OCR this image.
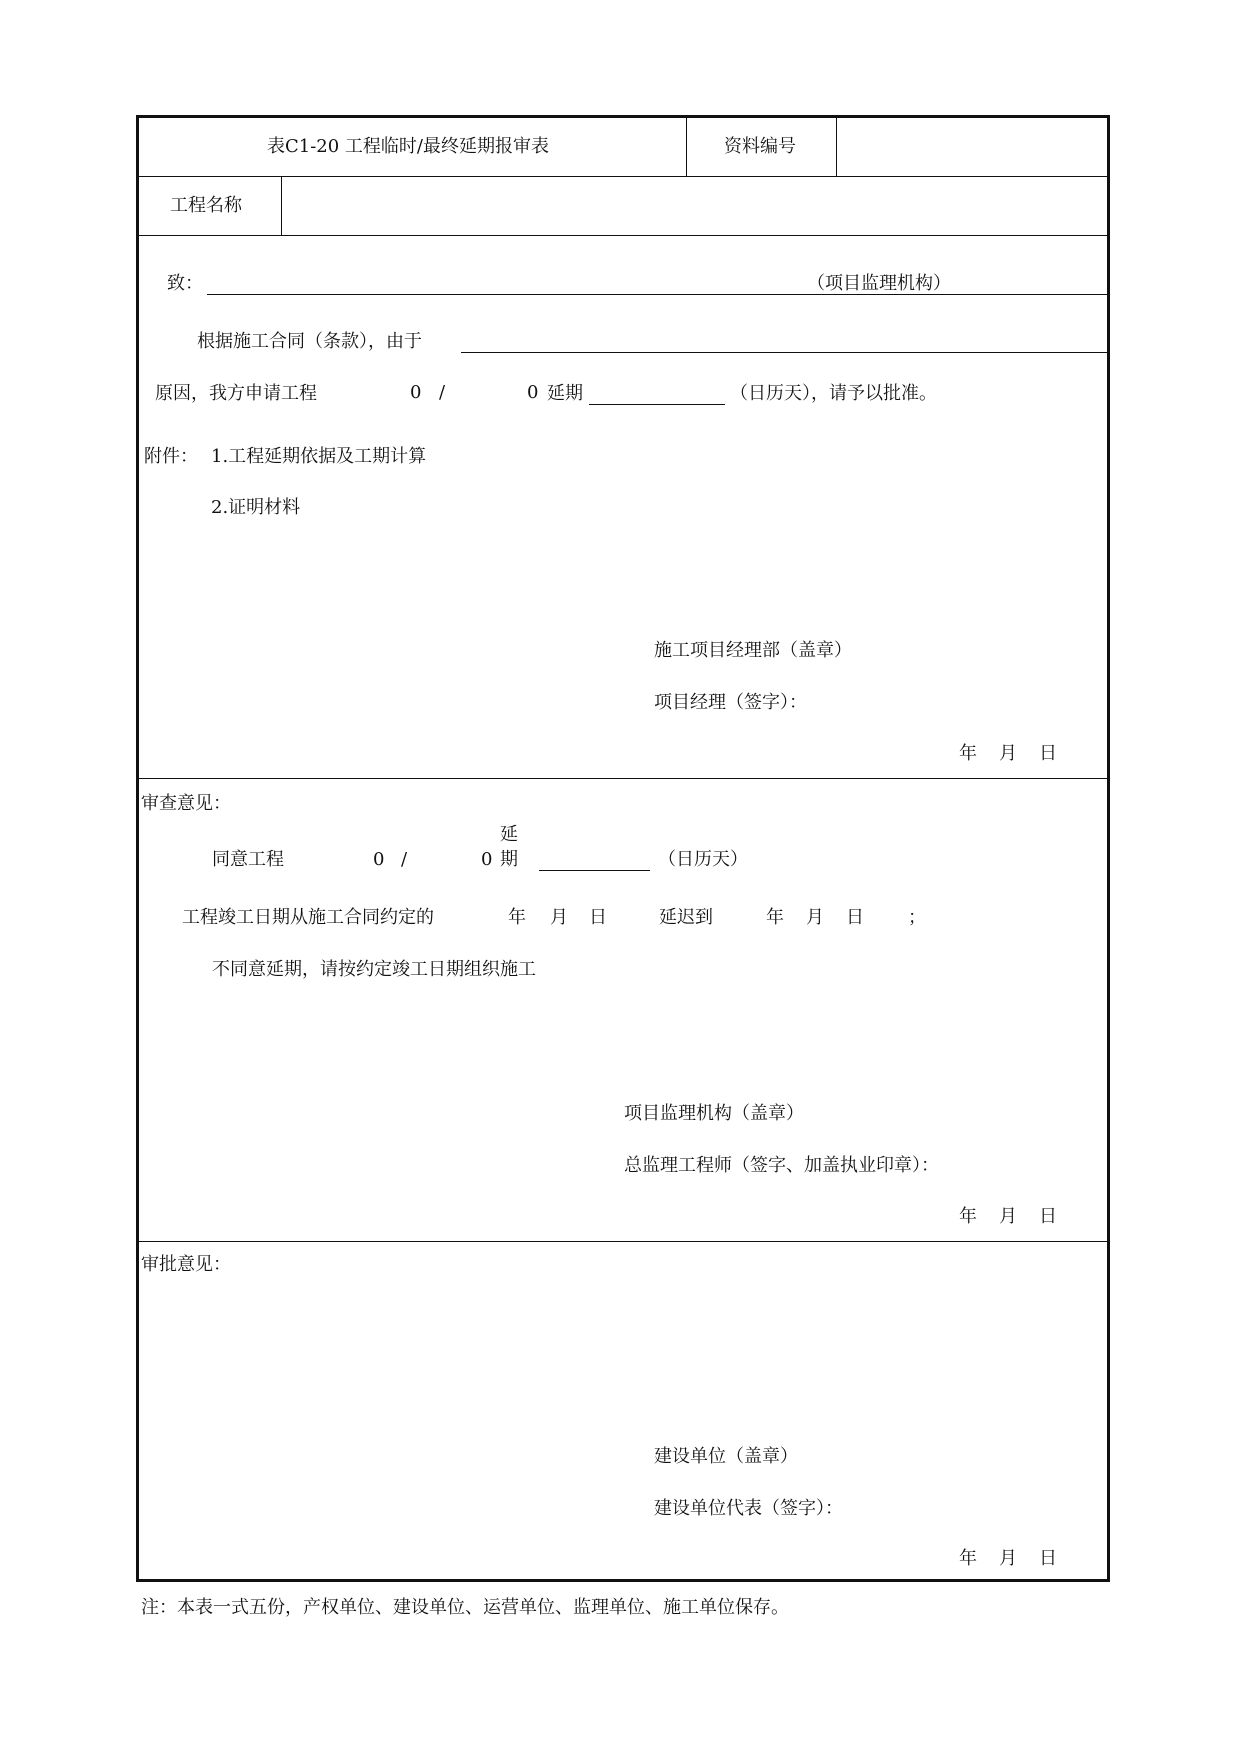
表C1-20 工程临时/最终延期报审表	资料编号
工程名称
致：	（项目监理机构）
根据施工合同（条款），由于
原因，我方申请工程	0 /	0 延期	（日历天），请予以批准。
附件： 1.工程延期依据及工期计算
2.证明材料
施工项目经理部（盖章）
项目经理（签字）：
年 月 日
审查意见：
延
同意工程	0 /	0 期	（日历天）
工程竣工日期从施工合同约定的	年 月 日	延迟到	年 月 日 ；
不同意延期，请按约定竣工日期组织施工
项目监理机构（盖章）
总监理工程师（签字、加盖执业印章）：
年 月 日
审批意见：
建设单位（盖章）
建设单位代表（签字）：
年 月 日
注：本表一式五份，产权单位、建设单位、运营单位、监理单位、施工单位保存。
